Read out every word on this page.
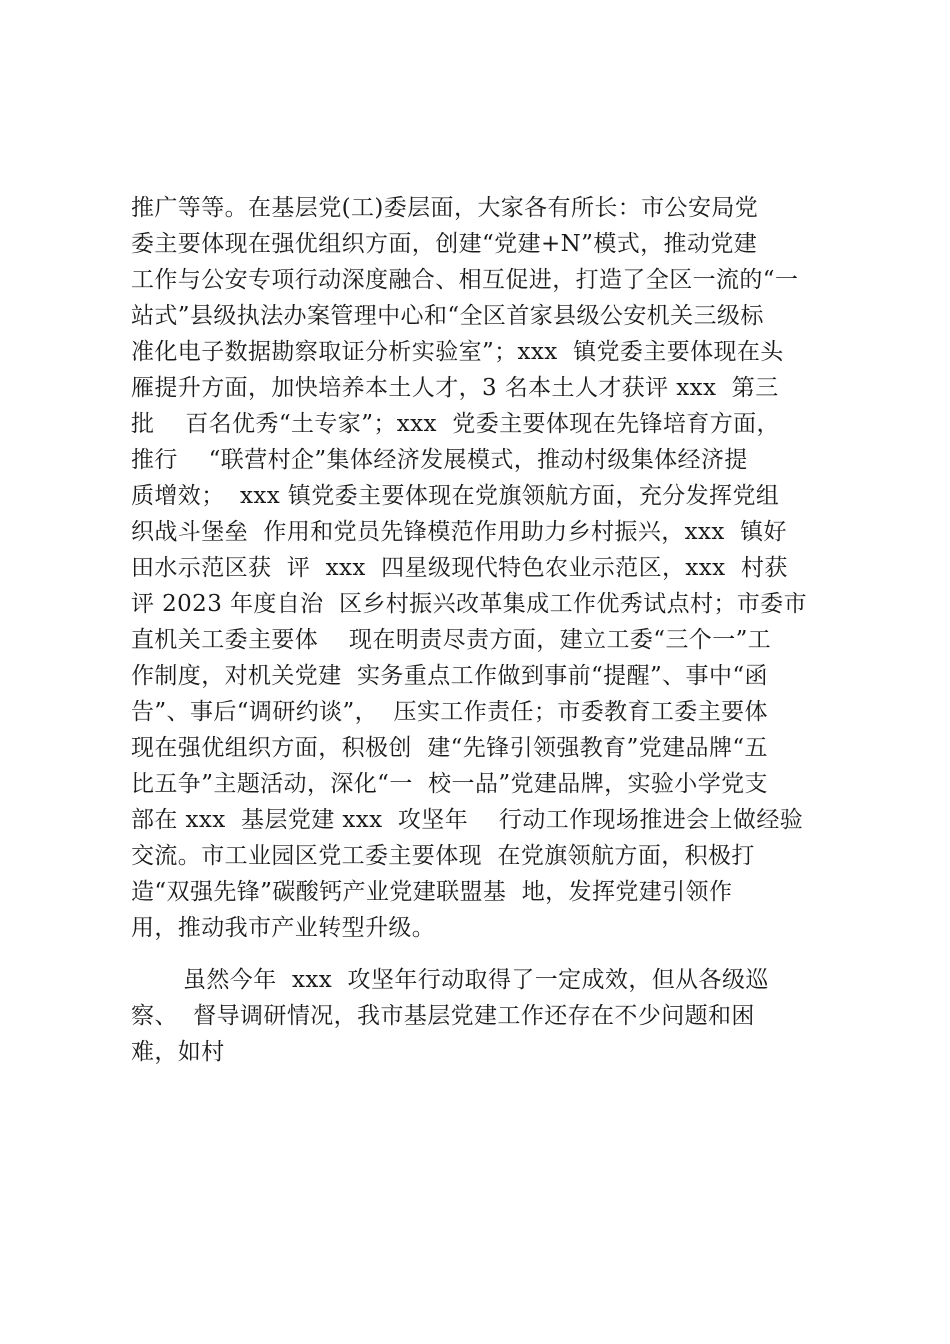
推广等等。在基层党(工)委层面，大家各有所长：市公安局党
委主要体现在强优组织方面，创建“党建+N”模式，推动党建
工作与公安专项行动深度融合、相互促进，打造了全区一流的“一
站式”县级执法办案管理中心和“全区首家县级公安机关三级标
准化电子数据勘察取证分析实验室”；xxx  镇党委主要体现在头
雁提升方面，加快培养本土人才，3 名本土人才获评 xxx  第三
批    百名优秀“土专家”；xxx  党委主要体现在先锋培育方面，
推行    “联营村企”集体经济发展模式，推动村级集体经济提
质增效；  xxx 镇党委主要体现在党旗领航方面，充分发挥党组
织战斗堡垒  作用和党员先锋模范作用助力乡村振兴，xxx  镇好
田水示范区获  评  xxx  四星级现代特色农业示范区，xxx  村获
评 2023 年度自治  区乡村振兴改革集成工作优秀试点村；市委市
直机关工委主要体    现在明责尽责方面，建立工委“三个一”工
作制度，对机关党建  实务重点工作做到事前“提醒”、事中“函
告”、事后“调研约谈”，  压实工作责任；市委教育工委主要体
现在强优组织方面，积极创  建“先锋引领强教育”党建品牌“五
比五争”主题活动，深化“一  校一品”党建品牌，实验小学党支
部在 xxx  基层党建 xxx  攻坚年    行动工作现场推进会上做经验
交流。市工业园区党工委主要体现  在党旗领航方面，积极打
造“双强先锋”碳酸钙产业党建联盟基  地，发挥党建引领作
用，推动我市产业转型升级。
虽然今年  xxx  攻坚年行动取得了一定成效，但从各级巡
察、  督导调研情况，我市基层党建工作还存在不少问题和困
难，如村
